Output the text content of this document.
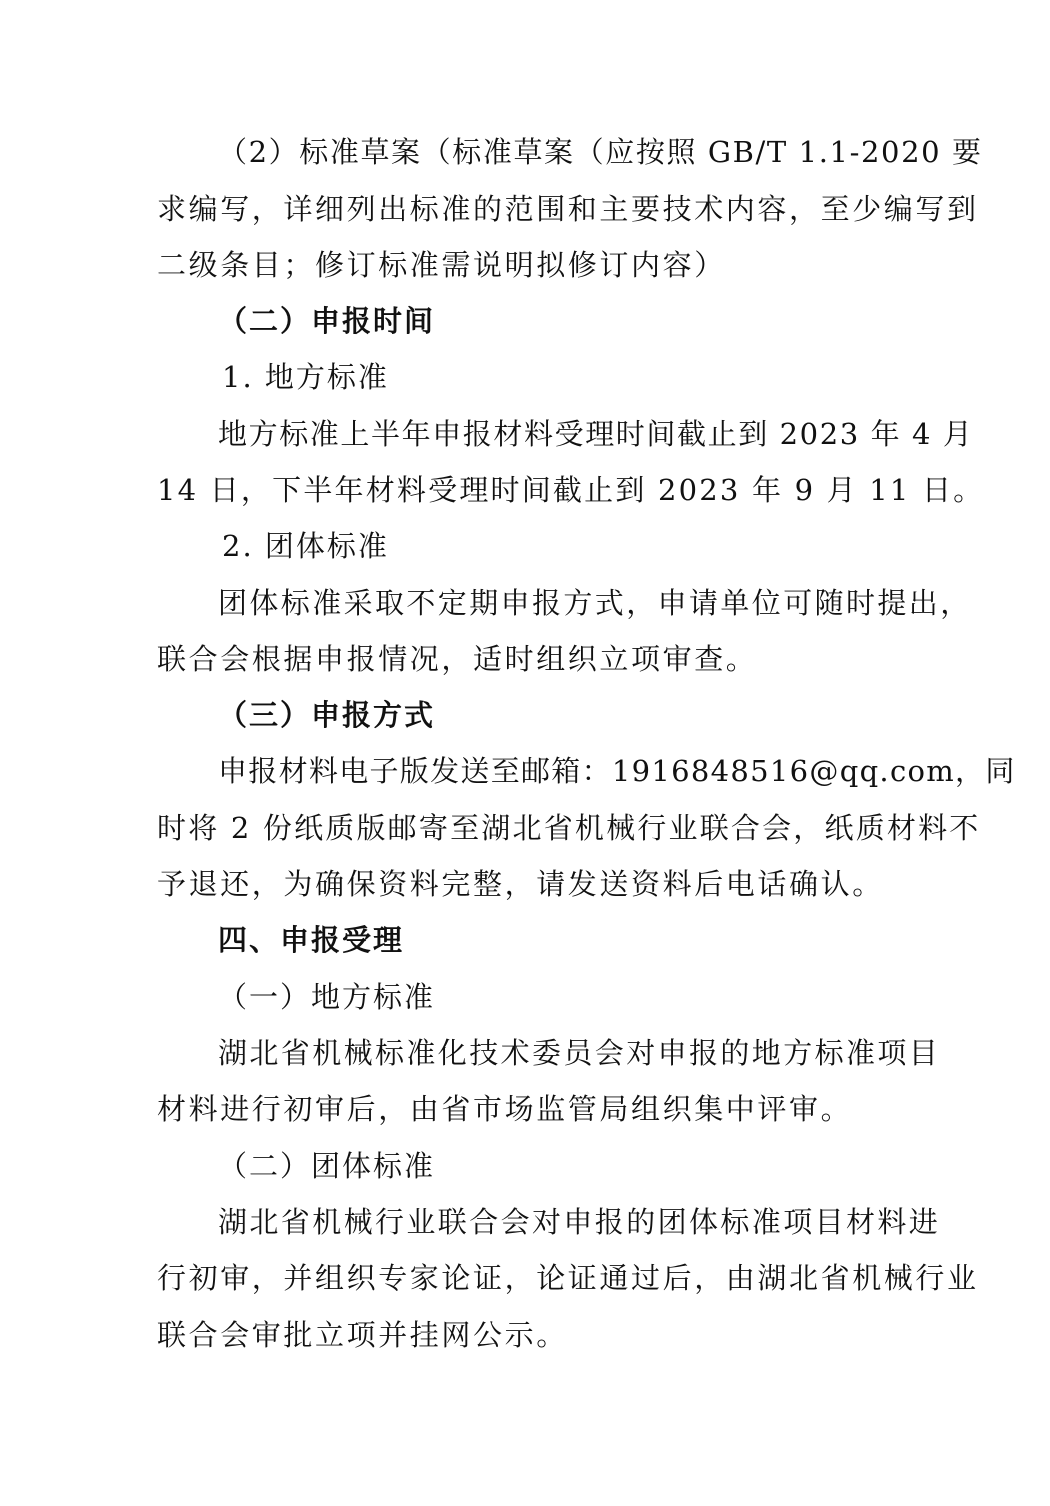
（2）标准草案（标准草案（应按照 GB/T 1.1-2020 要
求编写，详细列出标准的范围和主要技术内容，至少编写到
二级条目；修订标准需说明拟修订内容）
（二）申报时间
1. 地方标准
地方标准上半年申报材料受理时间截止到 2023 年 4 月
14 日，下半年材料受理时间截止到 2023 年 9 月 11 日。
2. 团体标准
团体标准采取不定期申报方式，申请单位可随时提出，
联合会根据申报情况，适时组织立项审查。
（三）申报方式
申报材料电子版发送至邮箱：1916848516@qq.com，同
时将 2 份纸质版邮寄至湖北省机械行业联合会，纸质材料不
予退还，为确保资料完整，请发送资料后电话确认。
四、申报受理
（一）地方标准
湖北省机械标准化技术委员会对申报的地方标准项目
材料进行初审后，由省市场监管局组织集中评审。
（二）团体标准
湖北省机械行业联合会对申报的团体标准项目材料进
行初审，并组织专家论证，论证通过后，由湖北省机械行业
联合会审批立项并挂网公示。
